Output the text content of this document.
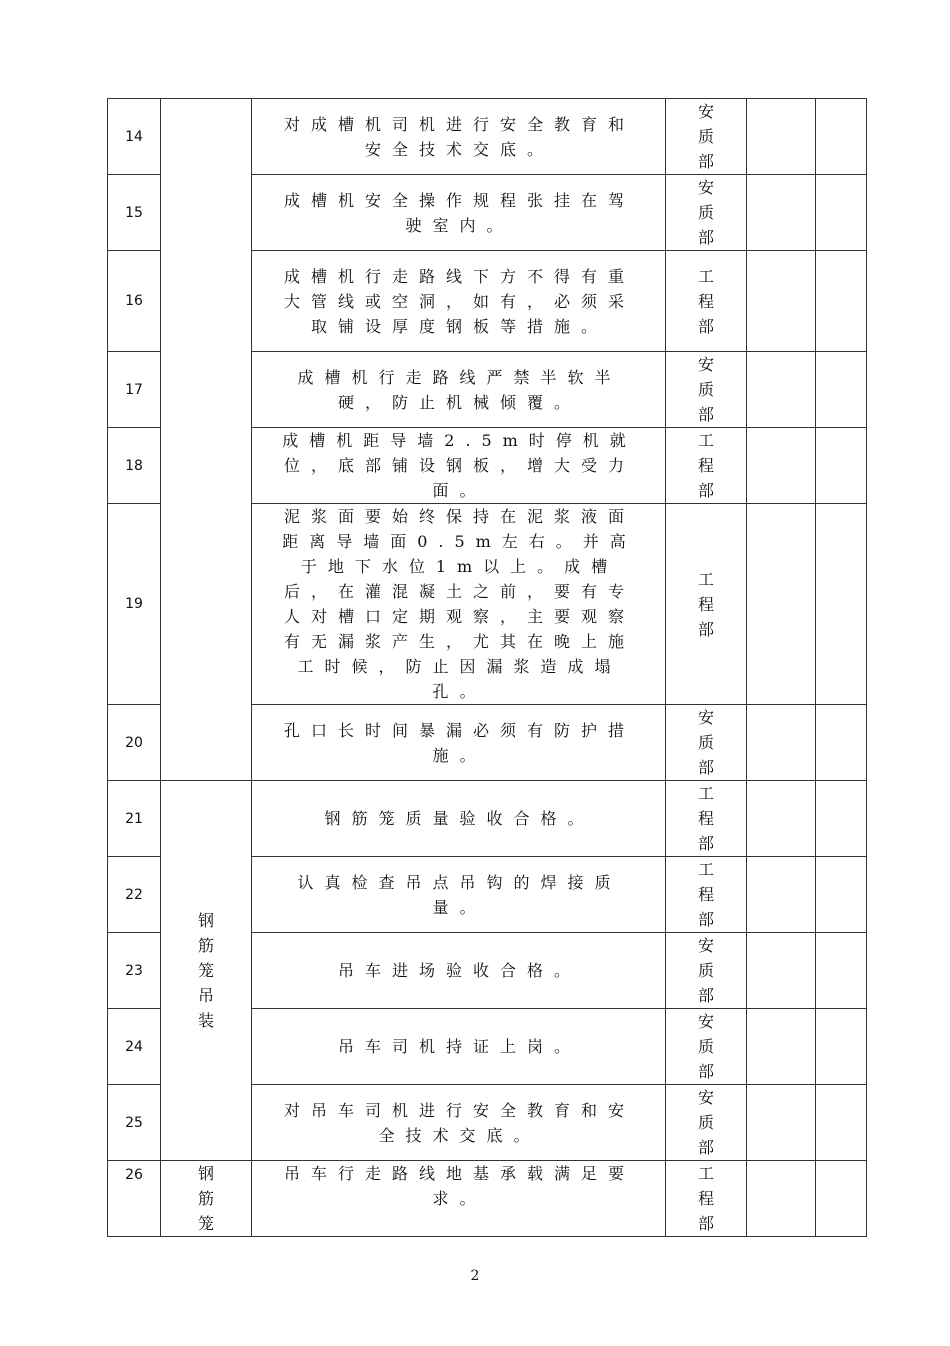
14		对成槽机司机进行安全教育和安全技术交底。	安质部		
15		成槽机安全操作规程张挂在驾驶室内。	安质部		
16		成槽机行走路线下方不得有重大管线或空洞，如有，必须采取铺设厚度钢板等措施。	工程部		
17		成槽机行走路线严禁半软半硬，防止机械倾覆。	安质部		
18		成槽机距导墙2.5m时停机就位，底部铺设钢板，增大受力面。	工程部		
19		泥浆面要始终保持在泥浆液面距离导墙面0.5m左右。并高于地下水位1m以上。成槽后，在灌混凝土之前，要有专人对槽口定期观察，主要观察有无漏浆产生，尤其在晚上施工时候，防止因漏浆造成塌孔。	工程部		
20		孔口长时间暴漏必须有防护措施。	安质部		
21	钢筋笼吊装	钢筋笼质量验收合格。	工程部		
22		认真检查吊点吊钩的焊接质量。	工程部		
23		吊车进场验收合格。	安质部		
24		吊车司机持证上岗。	安质部		
25		对吊车司机进行安全教育和安全技术交底。	安质部		
26	钢筋笼	吊车行走路线地基承载满足要求。	工程部		
2
